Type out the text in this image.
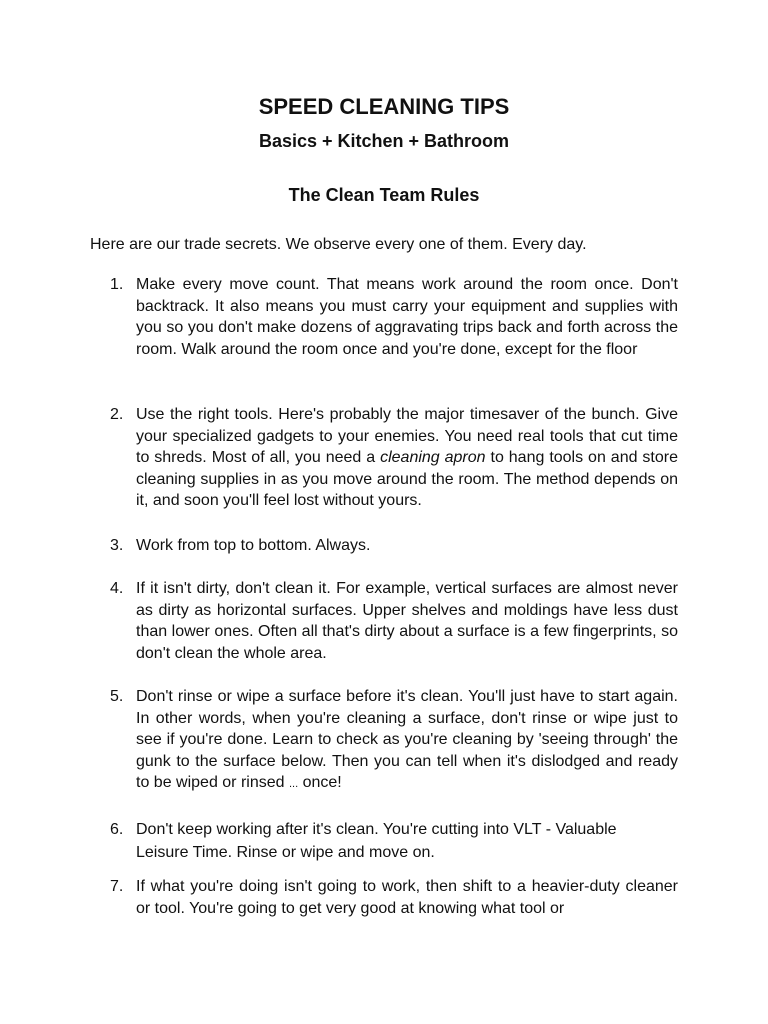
SPEED CLEANING TIPS
Basics + Kitchen + Bathroom
The Clean Team Rules
Here are our trade secrets. We observe every one of them. Every day.
1. Make every move count. That means work around the room once. Don't backtrack. It also means you must carry your equipment and supplies with you so you don't make dozens of aggravating trips back and forth across the room. Walk around the room once and you're done, except for the floor
2. Use the right tools. Here's probably the major timesaver of the bunch. Give your specialized gadgets to your enemies. You need real tools that cut time to shreds. Most of all, you need a cleaning apron to hang tools on and store cleaning supplies in as you move around the room. The method depends on it, and soon you'll feel lost without yours.
3. Work from top to bottom. Always.
4. If it isn't dirty, don't clean it. For example, vertical surfaces are almost never as dirty as horizontal surfaces. Upper shelves and moldings have less dust than lower ones. Often all that's dirty about a surface is a few fingerprints, so don't clean the whole area.
5. Don't rinse or wipe a surface before it's clean. You'll just have to start again. In other words, when you're cleaning a surface, don't rinse or wipe just to see if you're done. Learn to check as you're cleaning by 'seeing through' the gunk to the surface below. Then you can tell when it's dislodged and ready to be wiped or rinsed ... once!
6. Don't keep working after it's clean. You're cutting into VLT - Valuable
Leisure Time. Rinse or wipe and move on.
7. If what you're doing isn't going to work, then shift to a heavier-duty cleaner or tool. You're going to get very good at knowing what tool or
